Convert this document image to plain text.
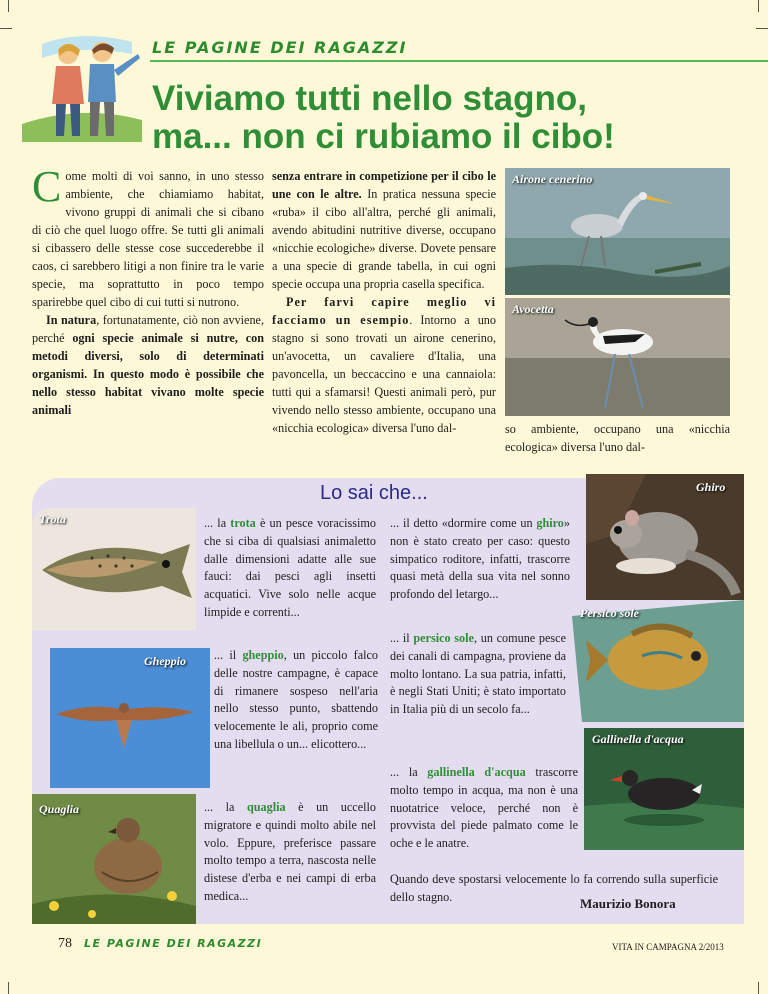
LE PAGINE DEI RAGAZZI
Viviamo tutti nello stagno,
ma... non ci rubiamo il cibo!

Come molti di voi sanno, in uno stesso ambiente, che chiamiamo habitat, vivono gruppi di animali che si cibano di ciò che quel luogo offre. Se tutti gli animali si cibassero delle stesse cose succederebbe il caos, ci sarebbero litigi a non finire tra le varie specie, ma soprattutto in poco tempo sparirebbe quel cibo di cui tutti si nutrono.

In natura, fortunatamente, ciò non avviene, perché ogni specie animale si nutre, con metodi diversi, solo di determinati organismi. In questo modo è possibile che nello stesso habitat vivano molte specie animali

senza entrare in competizione per il cibo le une con le altre. In pratica nessuna specie «ruba» il cibo all'altra, perché gli animali, avendo abitudini nutritive diverse, occupano «nicchie ecologiche» diverse. Dovete pensare a una specie di grande tabella, in cui ogni specie occupa una propria casella specifica.

Per farvi capire meglio vi facciamo un esempio. Intorno a uno stagno si sono trovati un airone cenerino, un'avocetta, un cavaliere d'Italia, una pavoncella, un beccaccino e una cannaiola: tutti qui a sfamarsi! Questi animali però, pur vivendo nello stesso ambiente, occupano una «nicchia ecologica» diversa l'uno dal-

Airone cenerino
Avocetta

so ambiente, occupano una «nicchia ecologica» diversa l'uno dal-

Lo sai che...
Trota
Gheppio
Quaglia
Ghiro
Persico sole
Gallinella d'acqua

... la trota è un pesce voracissimo che si ciba di qualsiasi animaletto dalle dimensioni adatte alle sue fauci: dai pesci agli insetti acquatici. Vive solo nelle acque limpide e correnti...

... il gheppio, un piccolo falco delle nostre campagne, è capace di rimanere sospeso nell'aria nello stesso punto, sbattendo velocemente le ali, proprio come una libellula o un... elicottero...

... la quaglia è un uccello migratore e quindi molto abile nel volo. Eppure, preferisce passare molto tempo a terra, nascosta nelle distese d'erba e nei campi di erba medica...

... il detto «dormire come un ghiro» non è stato creato per caso: questo simpatico roditore, infatti, trascorre quasi metà della sua vita nel sonno profondo del letargo...

... il persico sole, un comune pesce dei canali di campagna, proviene da molto lontano. La sua patria, infatti, è negli Stati Uniti; è stato importato in Italia più di un secolo fa...

... la gallinella d'acqua trascorre molto tempo in acqua, ma non è una nuotatrice veloce, perché non è provvista del piede palmato come le oche e le anatre.

Quando deve spostarsi velocemente lo fa correndo sulla superficie dello stagno.	Maurizio Bonora
78 LE PAGINE DEI RAGAZZI	VITA IN CAMPAGNA 2/2013
